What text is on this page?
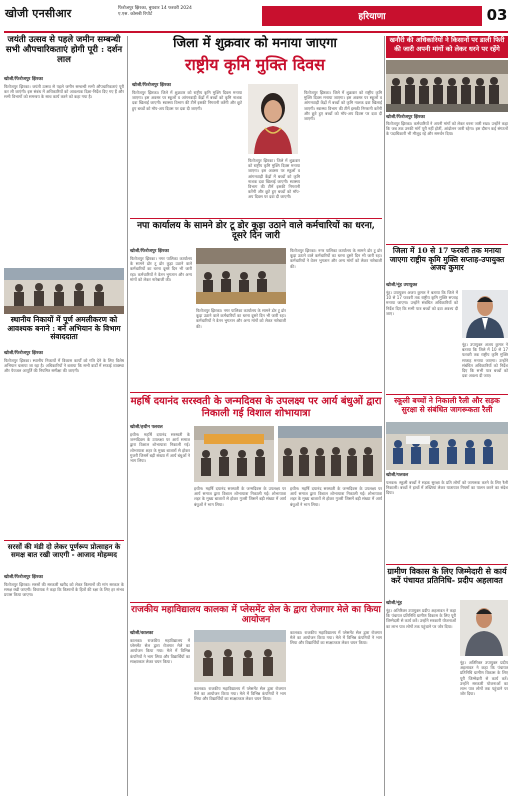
खोजी एनसीआर	फिरोजपुर झिरका, बुधवार 14 फरवरी 2024
ए.एस. कोसबी रिपोर्ट	हरियाणा	03
जयंती उत्सव से पहले जमीन सम्बन्धी सभी औपचारिकताएं होगी पूरी : दर्शन लाल
खोजी/फिरोजपुर झिरका
फिरोजपुर झिरका। जयंती उत्सव से पहले जमीन सम्बन्धी सभी औपचारिकताएं पूरी कर ली जाएंगी। इस संबंध में अधिकारियों को आवश्यक दिशा-निर्देश दिए गए हैं और सभी विभागों को समन्वय के साथ कार्य करने को कहा गया है।
जिला में शुक्रवार को मनाया जाएगा
राष्ट्रीय कृमि मुक्ति दिवस
खोजी/फिरोजपुर झिरका
फिरोजपुर झिरका। जिले में शुक्रवार को राष्ट्रीय कृमि मुक्ति दिवस मनाया जाएगा। इस अवसर पर स्कूलों व आंगनवाड़ी केंद्रों में बच्चों को कृमि नाशक दवा खिलाई जाएगी। स्वास्थ्य विभाग की टीमें इसकी निगरानी करेंगी और छूटे हुए बच्चों को मॉप-अप दिवस पर दवा दी जाएगी।
फिरोजपुर झिरका। जिले में शुक्रवार को राष्ट्रीय कृमि मुक्ति दिवस मनाया जाएगा। इस अवसर पर स्कूलों व आंगनवाड़ी केंद्रों में बच्चों को कृमि नाशक दवा खिलाई जाएगी। स्वास्थ्य विभाग की टीमें इसकी निगरानी करेंगी और छूटे हुए बच्चों को मॉप-अप दिवस पर दवा दी जाएगी।
फिरोजपुर झिरका। जिले में शुक्रवार को राष्ट्रीय कृमि मुक्ति दिवस मनाया जाएगा। इस अवसर पर स्कूलों व आंगनवाड़ी केंद्रों में बच्चों को कृमि नाशक दवा खिलाई जाएगी। स्वास्थ्य विभाग की टीमें इसकी निगरानी करेंगी और छूटे हुए बच्चों को मॉप-अप दिवस पर दवा दी जाएगी।
खनौरी की अधिकारियों ने किसानों पर डाली फिरी की जारी अपनी मांगों को लेकर धरने पर रहेंगे
खोजी/फिरोजपुर झिरका
फिरोजपुर झिरका। कर्मचारियों ने अपनी मांगों को लेकर धरना जारी रखा। उन्होंने कहा कि जब तक उनकी मांगें पूरी नहीं होतीं, आंदोलन जारी रहेगा। इस दौरान कई संगठनों के पदाधिकारी भी मौजूद रहे और समर्थन दिया।
नपा कार्यालय के सामने डोर टू डोर कूड़ा उठाने वाले कर्मचारियों का धरना, दूसरे दिन जारी
जिला में 10 से 17 फरवरी तक मनाया जाएगा राष्ट्रीय कृमि मुक्ति सप्ताह-उपायुक्त अजय कुमार
खोजी/नूंह उपायुक्त
नूंह। उपायुक्त अजय कुमार ने बताया कि जिले में 10 से 17 फरवरी तक राष्ट्रीय कृमि मुक्ति सप्ताह मनाया जाएगा। उन्होंने संबंधित अधिकारियों को निर्देश दिए कि सभी पात्र बच्चों को दवा अवश्य दी जाए।
नूंह। उपायुक्त अजय कुमार ने बताया कि जिले में 10 से 17 फरवरी तक राष्ट्रीय कृमि मुक्ति सप्ताह मनाया जाएगा। उन्होंने संबंधित अधिकारियों को निर्देश दिए कि सभी पात्र बच्चों को दवा अवश्य दी जाए।
स्थानीय निकायों में पूर्ण अमलीकरण को आवश्यक बनाने : बनें अभियान के विभाग संवाददाता
खोजी/फिरोजपुर झिरका
फिरोजपुर झिरका। स्थानीय निकायों में विकास कार्यों को गति देने के लिए विशेष अभियान चलाया जा रहा है। अधिकारियों ने बताया कि सभी वार्डों में सफाई व्यवस्था और पेयजल आपूर्ति की नियमित समीक्षा की जाएगी।
खोजी/फिरोजपुर झिरका
फिरोजपुर झिरका। नगर पालिका कार्यालय के सामने डोर टू डोर कूड़ा उठाने वाले कर्मचारियों का धरना दूसरे दिन भी जारी रहा। कर्मचारियों ने वेतन भुगतान और अन्य मांगों को लेकर नारेबाजी की।
फिरोजपुर झिरका। नगर पालिका कार्यालय के सामने डोर टू डोर कूड़ा उठाने वाले कर्मचारियों का धरना दूसरे दिन भी जारी रहा। कर्मचारियों ने वेतन भुगतान और अन्य मांगों को लेकर नारेबाजी की।
फिरोजपुर झिरका। नगर पालिका कार्यालय के सामने डोर टू डोर कूड़ा उठाने वाले कर्मचारियों का धरना दूसरे दिन भी जारी रहा। कर्मचारियों ने वेतन भुगतान और अन्य मांगों को लेकर नारेबाजी की।
महर्षि दयानंद सरस्वती के जन्मदिवस के उपलक्ष्य पर आर्य बंधुओं द्वारा निकाली गई विशाल शोभायात्रा
खोजी/हथीन पलवल
हथीन। महर्षि दयानंद सरस्वती के जन्मदिवस के उपलक्ष्य पर आर्य समाज द्वारा विशाल शोभायात्रा निकाली गई। शोभायात्रा शहर के मुख्य बाजारों से होकर गुजरी जिसमें बड़ी संख्या में आर्य बंधुओं ने भाग लिया।
हथीन। महर्षि दयानंद सरस्वती के जन्मदिवस के उपलक्ष्य पर आर्य समाज द्वारा विशाल शोभायात्रा निकाली गई। शोभायात्रा शहर के मुख्य बाजारों से होकर गुजरी जिसमें बड़ी संख्या में आर्य बंधुओं ने भाग लिया।
हथीन। महर्षि दयानंद सरस्वती के जन्मदिवस के उपलक्ष्य पर आर्य समाज द्वारा विशाल शोभायात्रा निकाली गई। शोभायात्रा शहर के मुख्य बाजारों से होकर गुजरी जिसमें बड़ी संख्या में आर्य बंधुओं ने भाग लिया।
स्कूली बच्चों ने निकाली रैली और सड़क सुरक्षा से संबंधित जागरूकता रैली
खोजी/पलवल
पलवल। स्कूली बच्चों ने सड़क सुरक्षा के प्रति लोगों को जागरूक करने के लिए रैली निकाली। बच्चों ने हाथों में तख्तियां लेकर यातायात नियमों का पालन करने का संदेश दिया।
सरसों की मंडी दो लेकर पूर्णरूप प्रोत्साहन के समक्ष बात रखी जाएगी - आजाद मोहम्मद
खोजी/फिरोजपुर झिरका
फिरोजपुर झिरका। सरसों की सरकारी खरीद को लेकर किसानों की मांग सरकार के समक्ष रखी जाएगी। विधायक ने कहा कि किसानों के हितों की रक्षा के लिए हर संभव प्रयास किया जाएगा।
राजकीय महाविद्यालय कालका में प्लेसमेंट सेल के द्वारा रोजगार मेले का किया आयोजन
खोजी/कालका
कालका। राजकीय महाविद्यालय में प्लेसमेंट सेल द्वारा रोजगार मेले का आयोजन किया गया। मेले में विभिन्न कंपनियों ने भाग लिया और विद्यार्थियों का साक्षात्कार लेकर चयन किया।
कालका। राजकीय महाविद्यालय में प्लेसमेंट सेल द्वारा रोजगार मेले का आयोजन किया गया। मेले में विभिन्न कंपनियों ने भाग लिया और विद्यार्थियों का साक्षात्कार लेकर चयन किया।
कालका। राजकीय महाविद्यालय में प्लेसमेंट सेल द्वारा रोजगार मेले का आयोजन किया गया। मेले में विभिन्न कंपनियों ने भाग लिया और विद्यार्थियों का साक्षात्कार लेकर चयन किया।
ग्रामीण विकास के लिए जिम्मेदारी से कार्य करें पंचायत प्रतिनिधि- प्रदीप अहलावत
खोजी/नूंह
नूंह। अतिरिक्त उपायुक्त प्रदीप अहलावत ने कहा कि पंचायत प्रतिनिधि ग्रामीण विकास के लिए पूरी जिम्मेदारी से कार्य करें। उन्होंने सरकारी योजनाओं का लाभ पात्र लोगों तक पहुंचाने पर जोर दिया।
नूंह। अतिरिक्त उपायुक्त प्रदीप अहलावत ने कहा कि पंचायत प्रतिनिधि ग्रामीण विकास के लिए पूरी जिम्मेदारी से कार्य करें। उन्होंने सरकारी योजनाओं का लाभ पात्र लोगों तक पहुंचाने पर जोर दिया।
